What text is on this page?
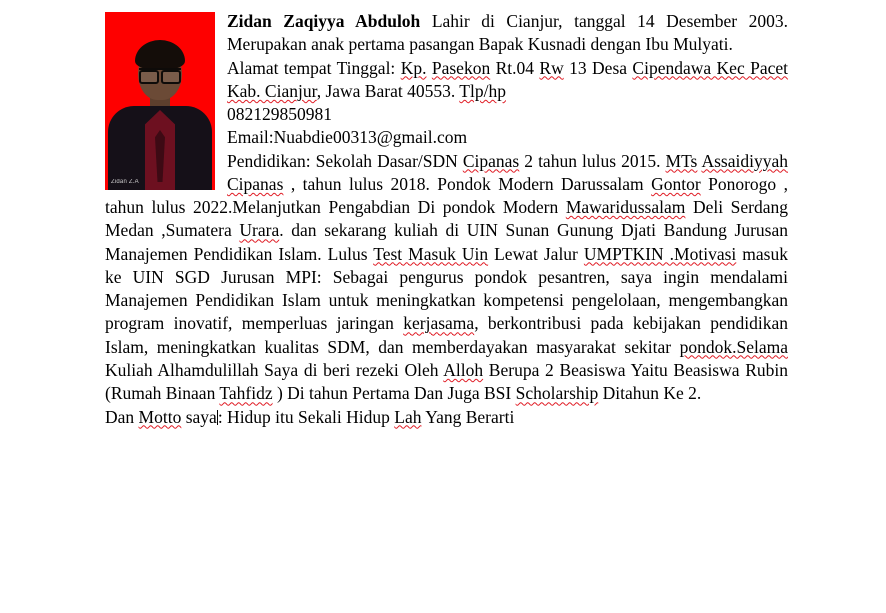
Zidan Z.A

Zidan Zaqiyya Abduloh Lahir di Cianjur, tanggal 14 Desember 2003. Merupakan anak pertama pasangan Bapak Kusnadi dengan Ibu Mulyati.

Alamat tempat Tinggal: Kp. Pasekon Rt.04 Rw 13 Desa Cipendawa Kec Pacet Kab. Cianjur, Jawa Barat 40553. Tlp/hp

082129850981

Email:Nuabdie00313@gmail.com

Pendidikan: Sekolah Dasar/SDN Cipanas 2 tahun lulus 2015. MTs Assaidiyyah Cipanas , tahun lulus 2018. Pondok Modern Darussalam Gontor Ponorogo , tahun lulus 2022.Melanjutkan Pengabdian Di pondok Modern Mawaridussalam Deli Serdang Medan ,Sumatera Urara. dan sekarang kuliah di UIN Sunan Gunung Djati Bandung Jurusan Manajemen Pendidikan Islam. Lulus Test Masuk Uin Lewat Jalur UMPTKIN .Motivasi masuk ke UIN SGD Jurusan MPI: Sebagai pengurus pondok pesantren, saya ingin mendalami Manajemen Pendidikan Islam untuk meningkatkan kompetensi pengelolaan, mengembangkan program inovatif, memperluas jaringan kerjasama, berkontribusi pada kebijakan pendidikan Islam, meningkatkan kualitas SDM, dan memberdayakan masyarakat sekitar pondok.Selama Kuliah Alhamdulillah Saya di beri rezeki Oleh Alloh Berupa 2 Beasiswa Yaitu Beasiswa Rubin (Rumah Binaan Tahfidz ) Di tahun Pertama Dan Juga BSI Scholarship Ditahun Ke 2.

Dan Motto saya: Hidup itu Sekali Hidup Lah Yang Berarti
